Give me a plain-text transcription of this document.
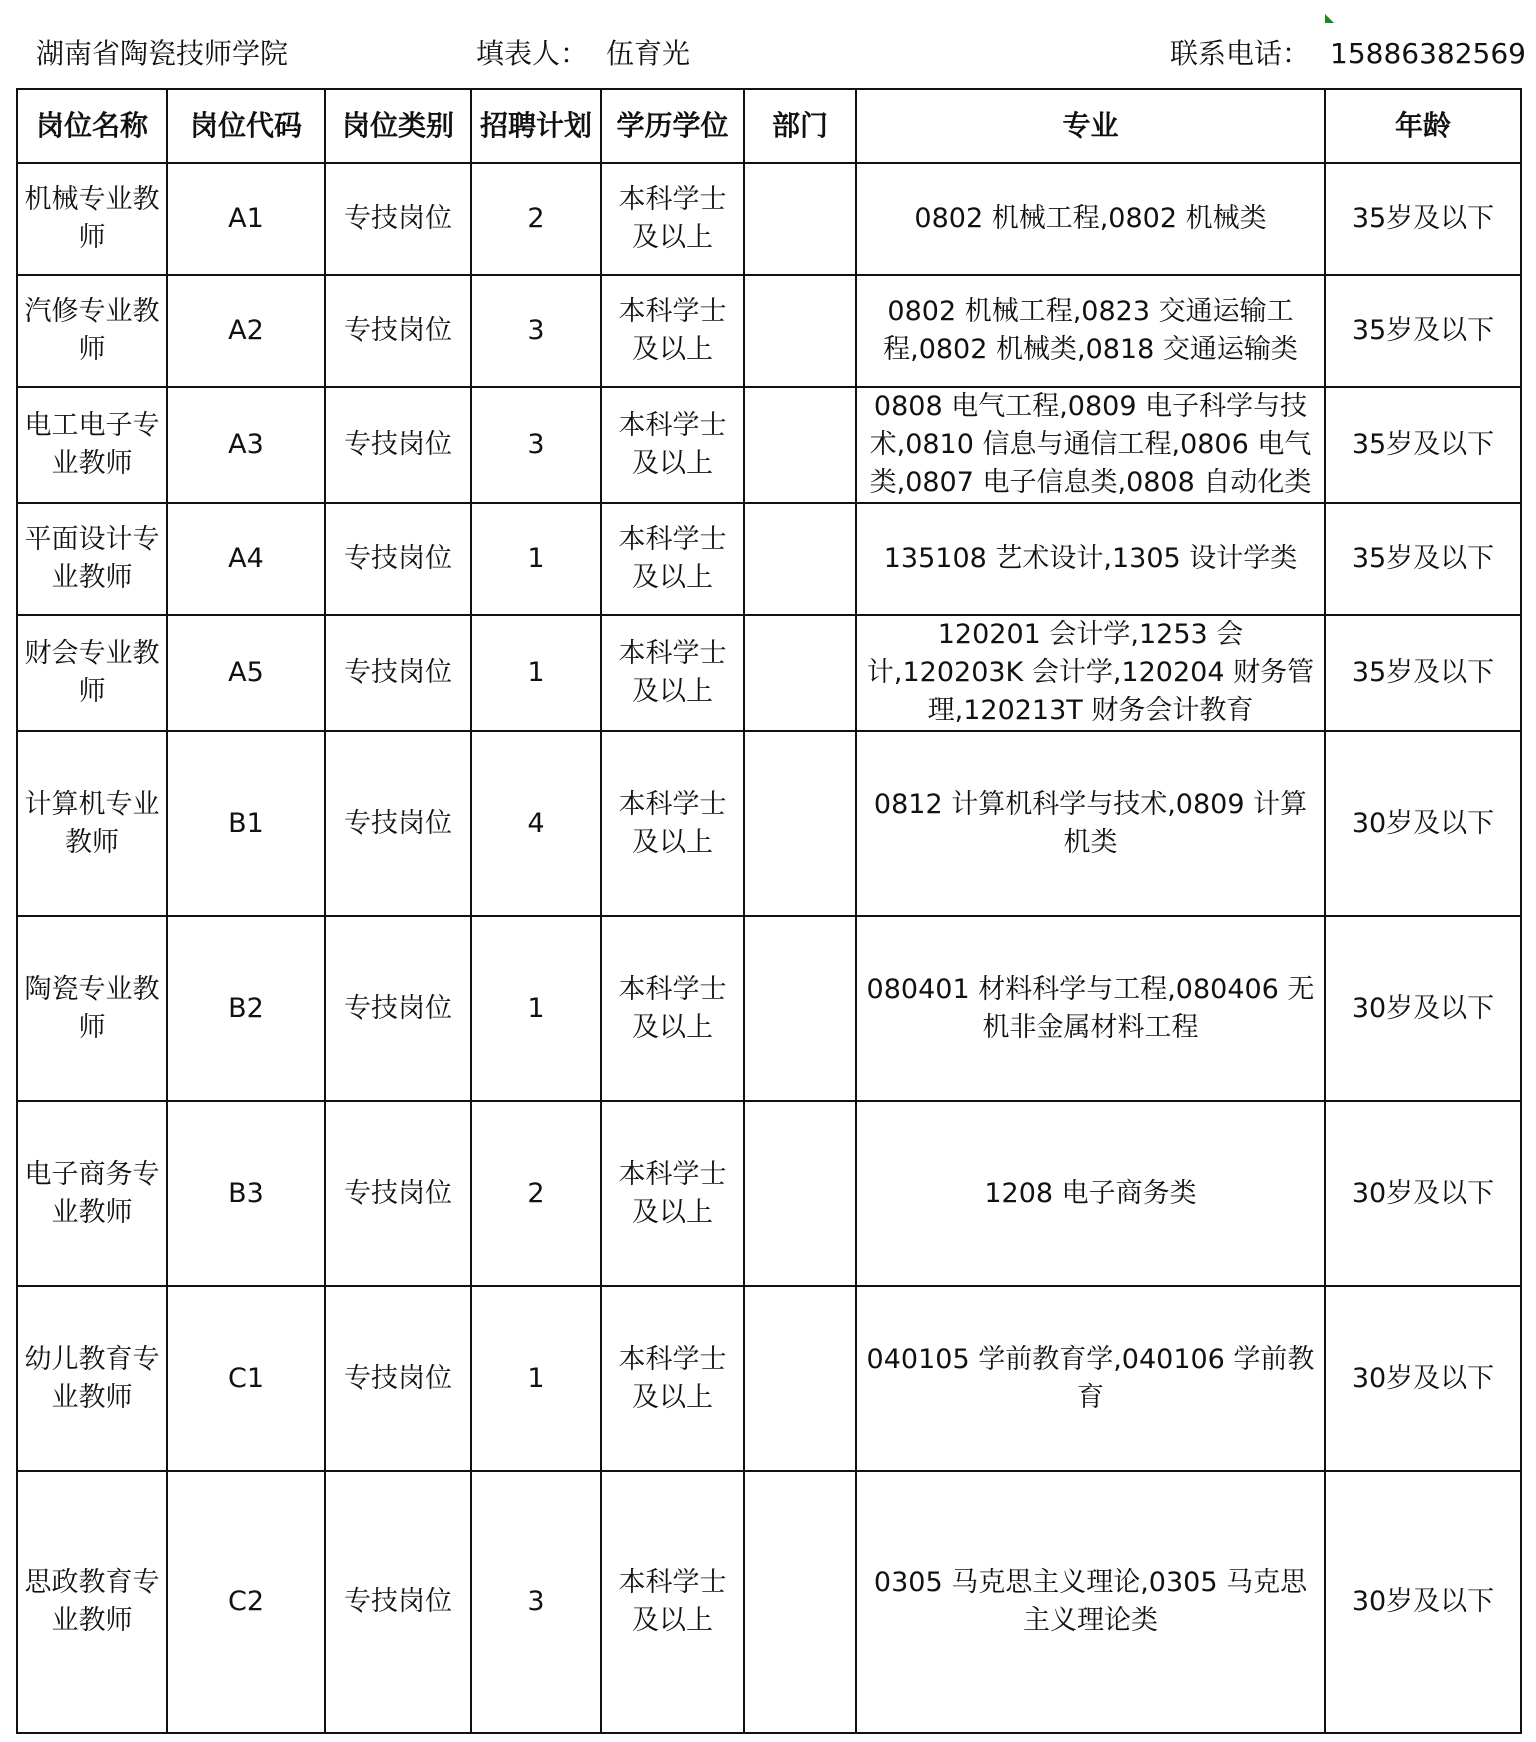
湖南省陶瓷技师学院	填表人： 伍育光	联系电话： 15886382569
岗位名称	岗位代码	岗位类别	招聘计划	学历学位	部门	专业	年龄
机械专业教师	A1	专技岗位	2	本科学士及以上		0802 机械工程,0802 机械类	35岁及以下
汽修专业教师	A2	专技岗位	3	本科学士及以上		0802 机械工程,0823 交通运输工程,0802 机械类,0818 交通运输类	35岁及以下
电工电子专业教师	A3	专技岗位	3	本科学士及以上		0808 电气工程,0809 电子科学与技术,0810 信息与通信工程,0806 电气类,0807 电子信息类,0808 自动化类	35岁及以下
平面设计专业教师	A4	专技岗位	1	本科学士及以上		135108 艺术设计,1305 设计学类	35岁及以下
财会专业教师	A5	专技岗位	1	本科学士及以上		120201 会计学,1253 会计,120203K 会计学,120204 财务管理,120213T 财务会计教育	35岁及以下
计算机专业教师	B1	专技岗位	4	本科学士及以上		0812 计算机科学与技术,0809 计算机类	30岁及以下
陶瓷专业教师	B2	专技岗位	1	本科学士及以上		080401 材料科学与工程,080406 无机非金属材料工程	30岁及以下
电子商务专业教师	B3	专技岗位	2	本科学士及以上		1208 电子商务类	30岁及以下
幼儿教育专业教师	C1	专技岗位	1	本科学士及以上		040105 学前教育学,040106 学前教育	30岁及以下
思政教育专业教师	C2	专技岗位	3	本科学士及以上		0305 马克思主义理论,0305 马克思主义理论类	30岁及以下
